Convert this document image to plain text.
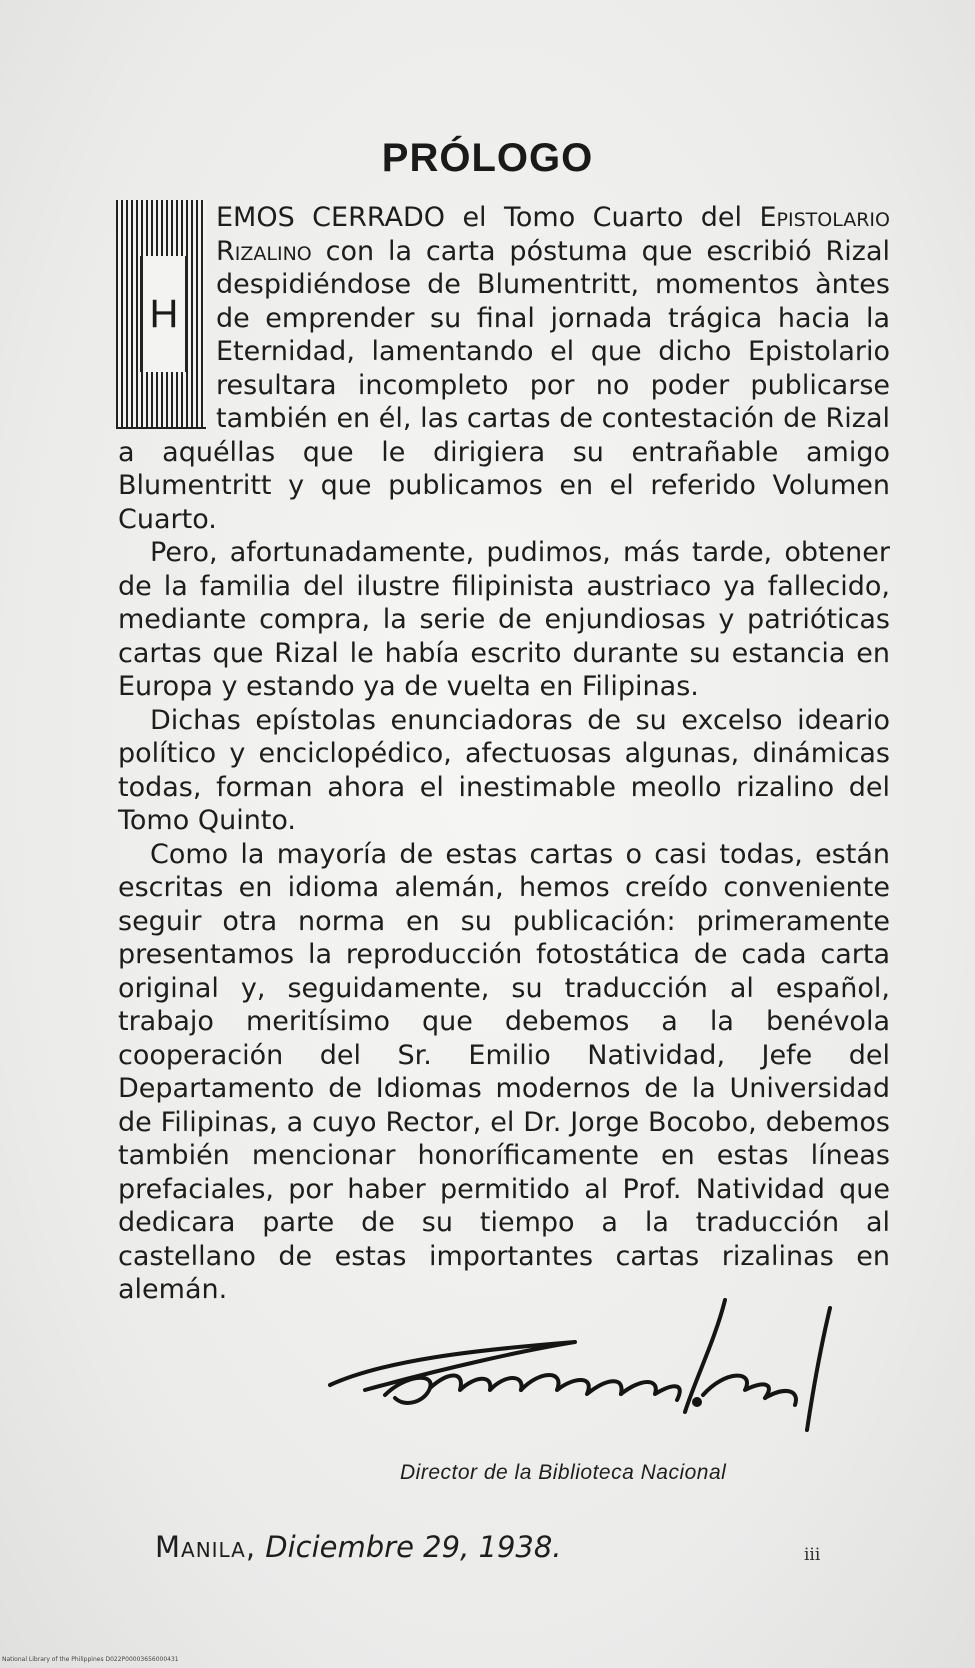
PRÓLOGO
H

EMOS CERRADO el Tomo Cuarto del Epistolario Rizalino con la carta póstuma que escribió Rizal despidiéndose de Blumentritt, momentos àntes de emprender su final jornada trágica hacia la Eternidad, lamentando el que dicho Epistolario resultara incompleto por no poder publicarse también en él, las cartas de contestación de Rizal a aquéllas que le dirigiera su entrañable amigo Blumentritt y que publicamos en el referido Volumen Cuarto.

Pero, afortunadamente, pudimos, más tarde, obtener de la familia del ilustre filipinista austriaco ya fallecido, mediante compra, la serie de enjundiosas y patrióticas cartas que Rizal le había escrito durante su estancia en Europa y estando ya de vuelta en Filipinas.

Dichas epístolas enunciadoras de su excelso ideario político y enciclopédico, afectuosas algunas, dinámicas todas, forman ahora el inestimable meollo rizalino del Tomo Quinto.

Como la mayoría de estas cartas o casi todas, están escritas en idioma alemán, hemos creído conveniente seguir otra norma en su publicación: primeramente presentamos la reproducción fotostática de cada carta original y, seguidamente, su traducción al español, trabajo meritísimo que debemos a la benévola cooperación del Sr. Emilio Natividad, Jefe del Departamento de Idiomas modernos de la Universidad de Filipinas, a cuyo Rector, el Dr. Jorge Bocobo, debemos también mencionar honoríficamente en estas líneas prefaciales, por haber permitido al Prof. Natividad que dedicara parte de su tiempo a la traducción al castellano de estas importantes cartas rizalinas en alemán.

Director de la Biblioteca Nacional
Manila, Diciembre 29, 1938.	iii
National Library of the Philippines D022P00003656000431
